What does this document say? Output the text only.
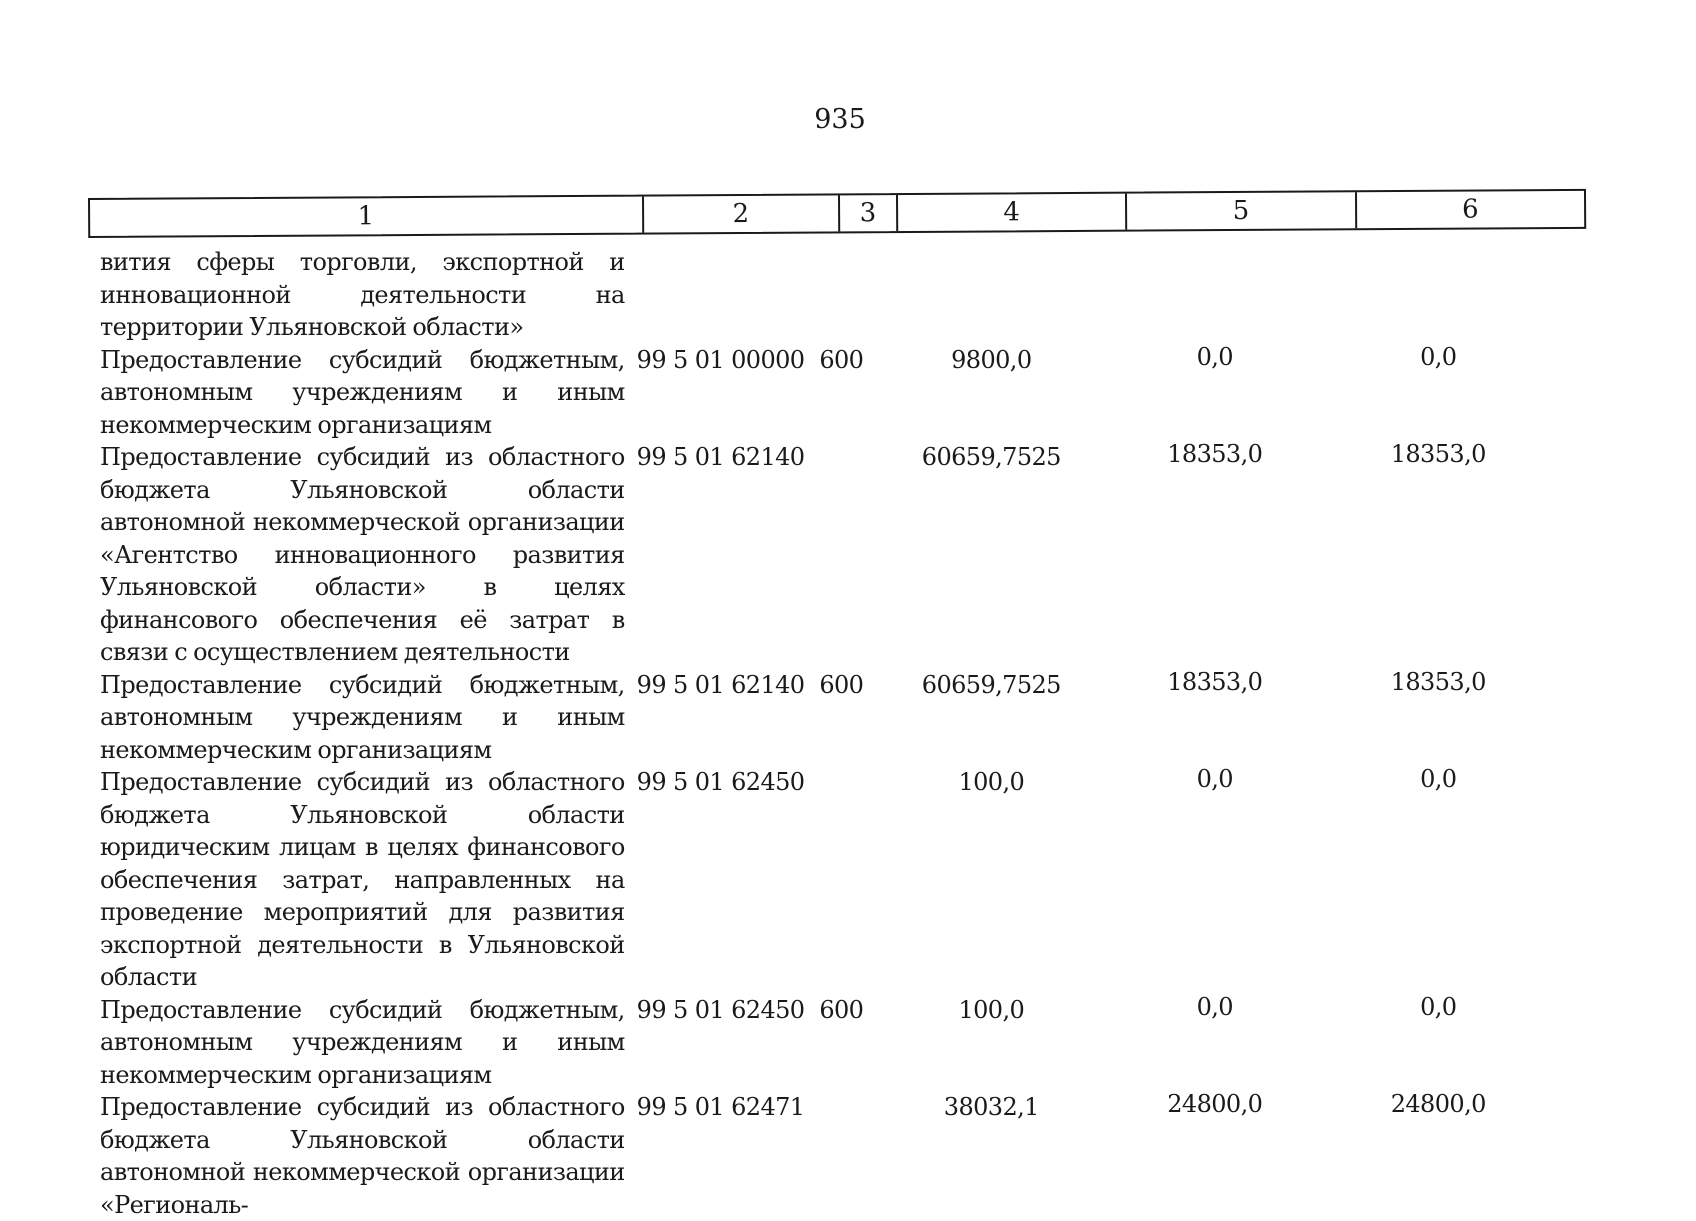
935
1	2	3	4	5	6
вития сферы торговли, экспортной и инновационной деятельности на территории Ульяновской области»
Предоставление субсидий бюджетным, автономным учреждениям и иным некоммерческим организациям
99 5 01 00000 600	9800,0	0,0	0,0
Предоставление субсидий из областного бюджета Ульяновской области автономной некоммерческой организации «Агентство инновационного развития Ульяновской области» в целях финансового обеспечения её затрат в связи с осуществлением деятельности
99 5 01 62140	60659,7525	18353,0	18353,0
Предоставление субсидий бюджетным, автономным учреждениям и иным некоммерческим организациям
99 5 01 62140 600	60659,7525	18353,0	18353,0
Предоставление субсидий из областного бюджета Ульяновской области юридическим лицам в целях финансового обеспечения затрат, направленных на проведение мероприятий для развития экспортной деятельности в Ульяновской области
99 5 01 62450	100,0	0,0	0,0
Предоставление субсидий бюджетным, автономным учреждениям и иным некоммерческим организациям
99 5 01 62450 600	100,0	0,0	0,0
Предоставление субсидий из областного бюджета Ульяновской области автономной некоммерческой организации «Региональ-
99 5 01 62471	38032,1	24800,0	24800,0
